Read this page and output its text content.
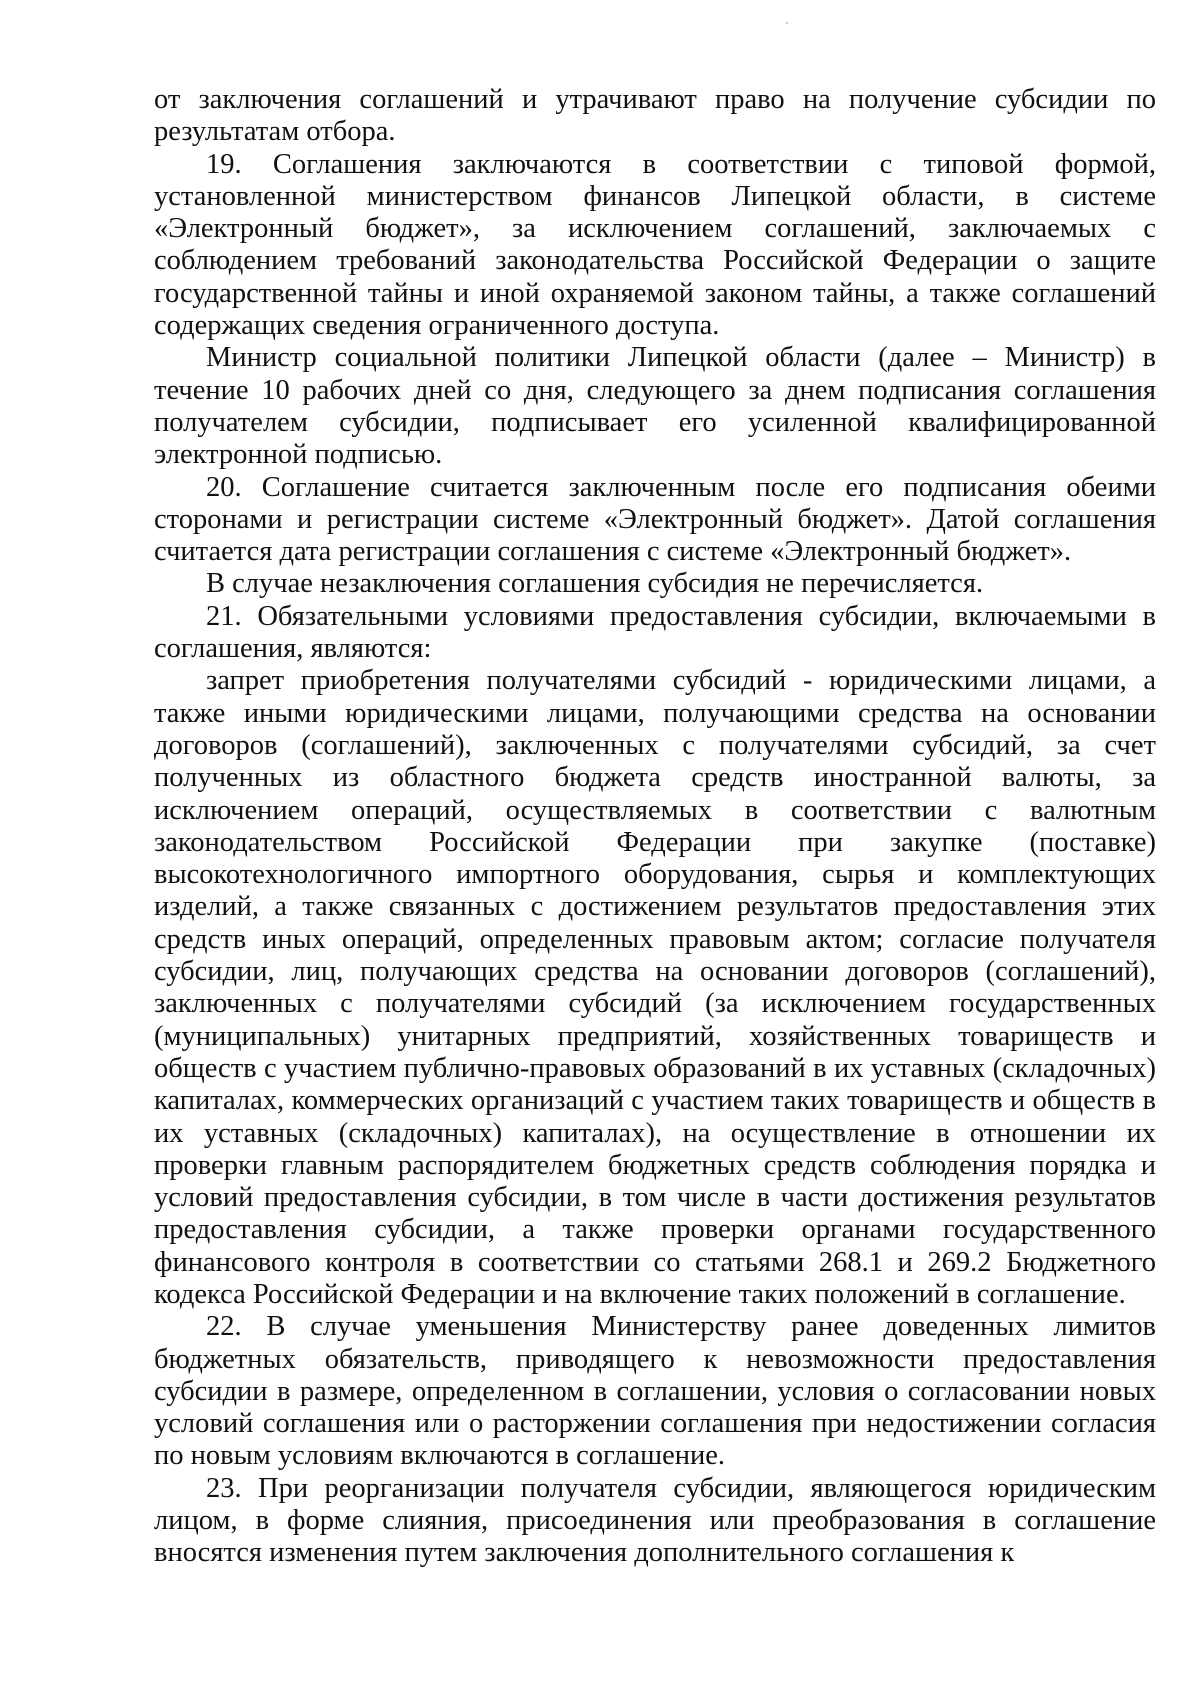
от заключения соглашений и утрачивают право на получение субсидии по результатам отбора.

19. Соглашения заключаются в соответствии с типовой формой, установленной министерством финансов Липецкой области, в системе «Электронный бюджет», за исключением соглашений, заключаемых с соблюдением требований законодательства Российской Федерации о защите государственной тайны и иной охраняемой законом тайны, а также соглашений содержащих сведения ограниченного доступа.

Министр социальной политики Липецкой области (далее – Министр) в течение 10 рабочих дней со дня, следующего за днем подписания соглашения получателем субсидии, подписывает его усиленной квалифицированной электронной подписью.

20. Соглашение считается заключенным после его подписания обеими сторонами и регистрации системе «Электронный бюджет». Датой соглашения считается дата регистрации соглашения с системе «Электронный бюджет».

В случае незаключения соглашения субсидия не перечисляется.

21. Обязательными условиями предоставления субсидии, включаемыми в соглашения, являются:

запрет приобретения получателями субсидий - юридическими лицами, а также иными юридическими лицами, получающими средства на основании договоров (соглашений), заключенных с получателями субсидий, за счет полученных из областного бюджета средств иностранной валюты, за исключением операций, осуществляемых в соответствии с валютным законодательством Российской Федерации при закупке (поставке) высокотехнологичного импортного оборудования, сырья и комплектующих изделий, а также связанных с достижением результатов предоставления этих средств иных операций, определенных правовым актом; согласие получателя субсидии, лиц, получающих средства на основании договоров (соглашений), заключенных с получателями субсидий (за исключением государственных (муниципальных) унитарных предприятий, хозяйственных товариществ и обществ с участием публично-правовых образований в их уставных (складочных) капиталах, коммерческих организаций с участием таких товариществ и обществ в их уставных (складочных) капиталах), на осуществление в отношении их проверки главным распорядителем бюджетных средств соблюдения порядка и условий предоставления субсидии, в том числе в части достижения результатов предоставления субсидии, а также проверки органами государственного финансового контроля в соответствии со статьями 268.1 и 269.2 Бюджетного кодекса Российской Федерации и на включение таких положений в соглашение.

22. В случае уменьшения Министерству ранее доведенных лимитов бюджетных обязательств, приводящего к невозможности предоставления субсидии в размере, определенном в соглашении, условия о согласовании новых условий соглашения или о расторжении соглашения при недостижении согласия по новым условиям включаются в соглашение.

23. При реорганизации получателя субсидии, являющегося юридическим лицом, в форме слияния, присоединения или преобразования в соглашение вносятся изменения путем заключения дополнительного соглашения к
